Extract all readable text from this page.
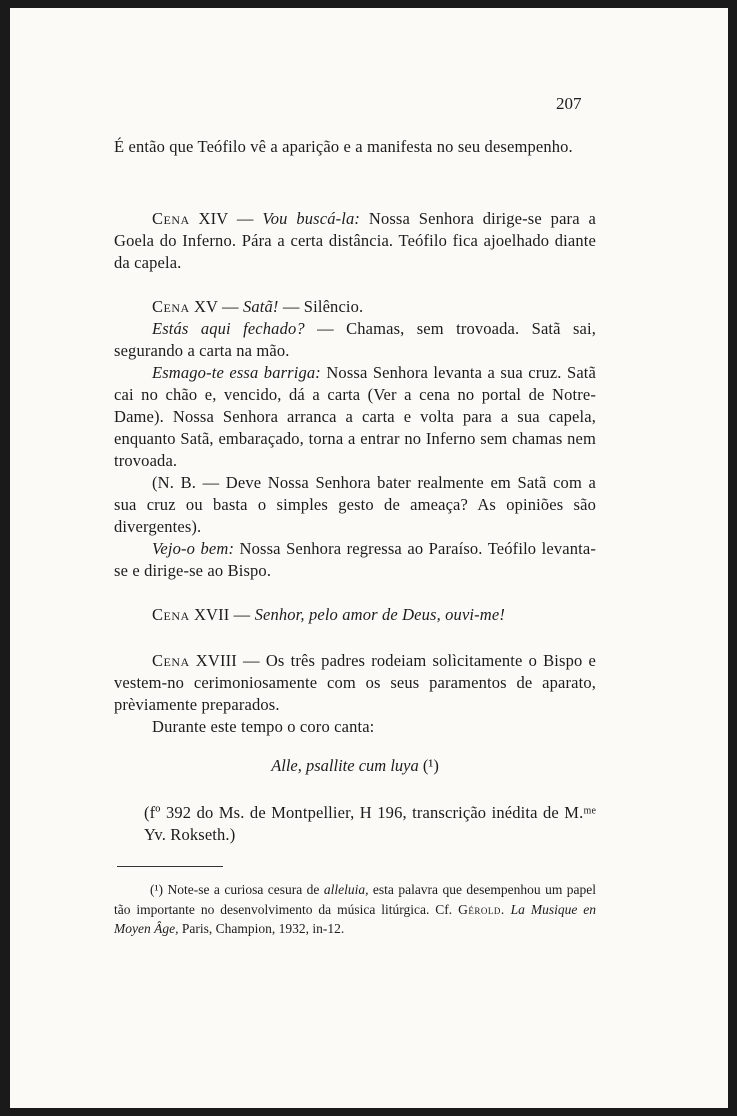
207

É então que Teófilo vê a aparição e a manifesta no seu desempenho.

Cena XIV — Vou buscá-la: Nossa Senhora dirige-se para a Goela do Inferno. Pára a certa distância. Teófilo fica ajoelhado diante da capela.

Cena XV — Satã! — Silêncio.

Estás aqui fechado? — Chamas, sem trovoada. Satã sai, segurando a carta na mão.

Esmago-te essa barriga: Nossa Senhora levanta a sua cruz. Satã cai no chão e, vencido, dá a carta (Ver a cena no portal de Notre-Dame). Nossa Senhora arranca a carta e volta para a sua capela, enquanto Satã, embaraçado, torna a entrar no Inferno sem chamas nem trovoada.

(N. B. — Deve Nossa Senhora bater realmente em Satã com a sua cruz ou basta o simples gesto de ameaça? As opiniões são divergentes).

Vejo-o bem: Nossa Senhora regressa ao Paraíso. Teófilo levanta-se e dirige-se ao Bispo.

Cena XVII — Senhor, pelo amor de Deus, ouvi-me!

Cena XVIII — Os três padres rodeiam solìcitamente o Bispo e vestem-no cerimoniosamente com os seus paramentos de aparato, prèviamente preparados.

Durante este tempo o coro canta:

Alle, psallite cum luya (¹)

(fº 392 do Ms. de Montpellier, H 196, transcrição inédita de M.ᵐᵉ Yv. Rokseth.)

(¹) Note-se a curiosa cesura de alleluia, esta palavra que desempenhou um papel tão importante no desenvolvimento da música litúrgica. Cf. Gérold. La Musique en Moyen Âge, Paris, Champion, 1932, in-12.
